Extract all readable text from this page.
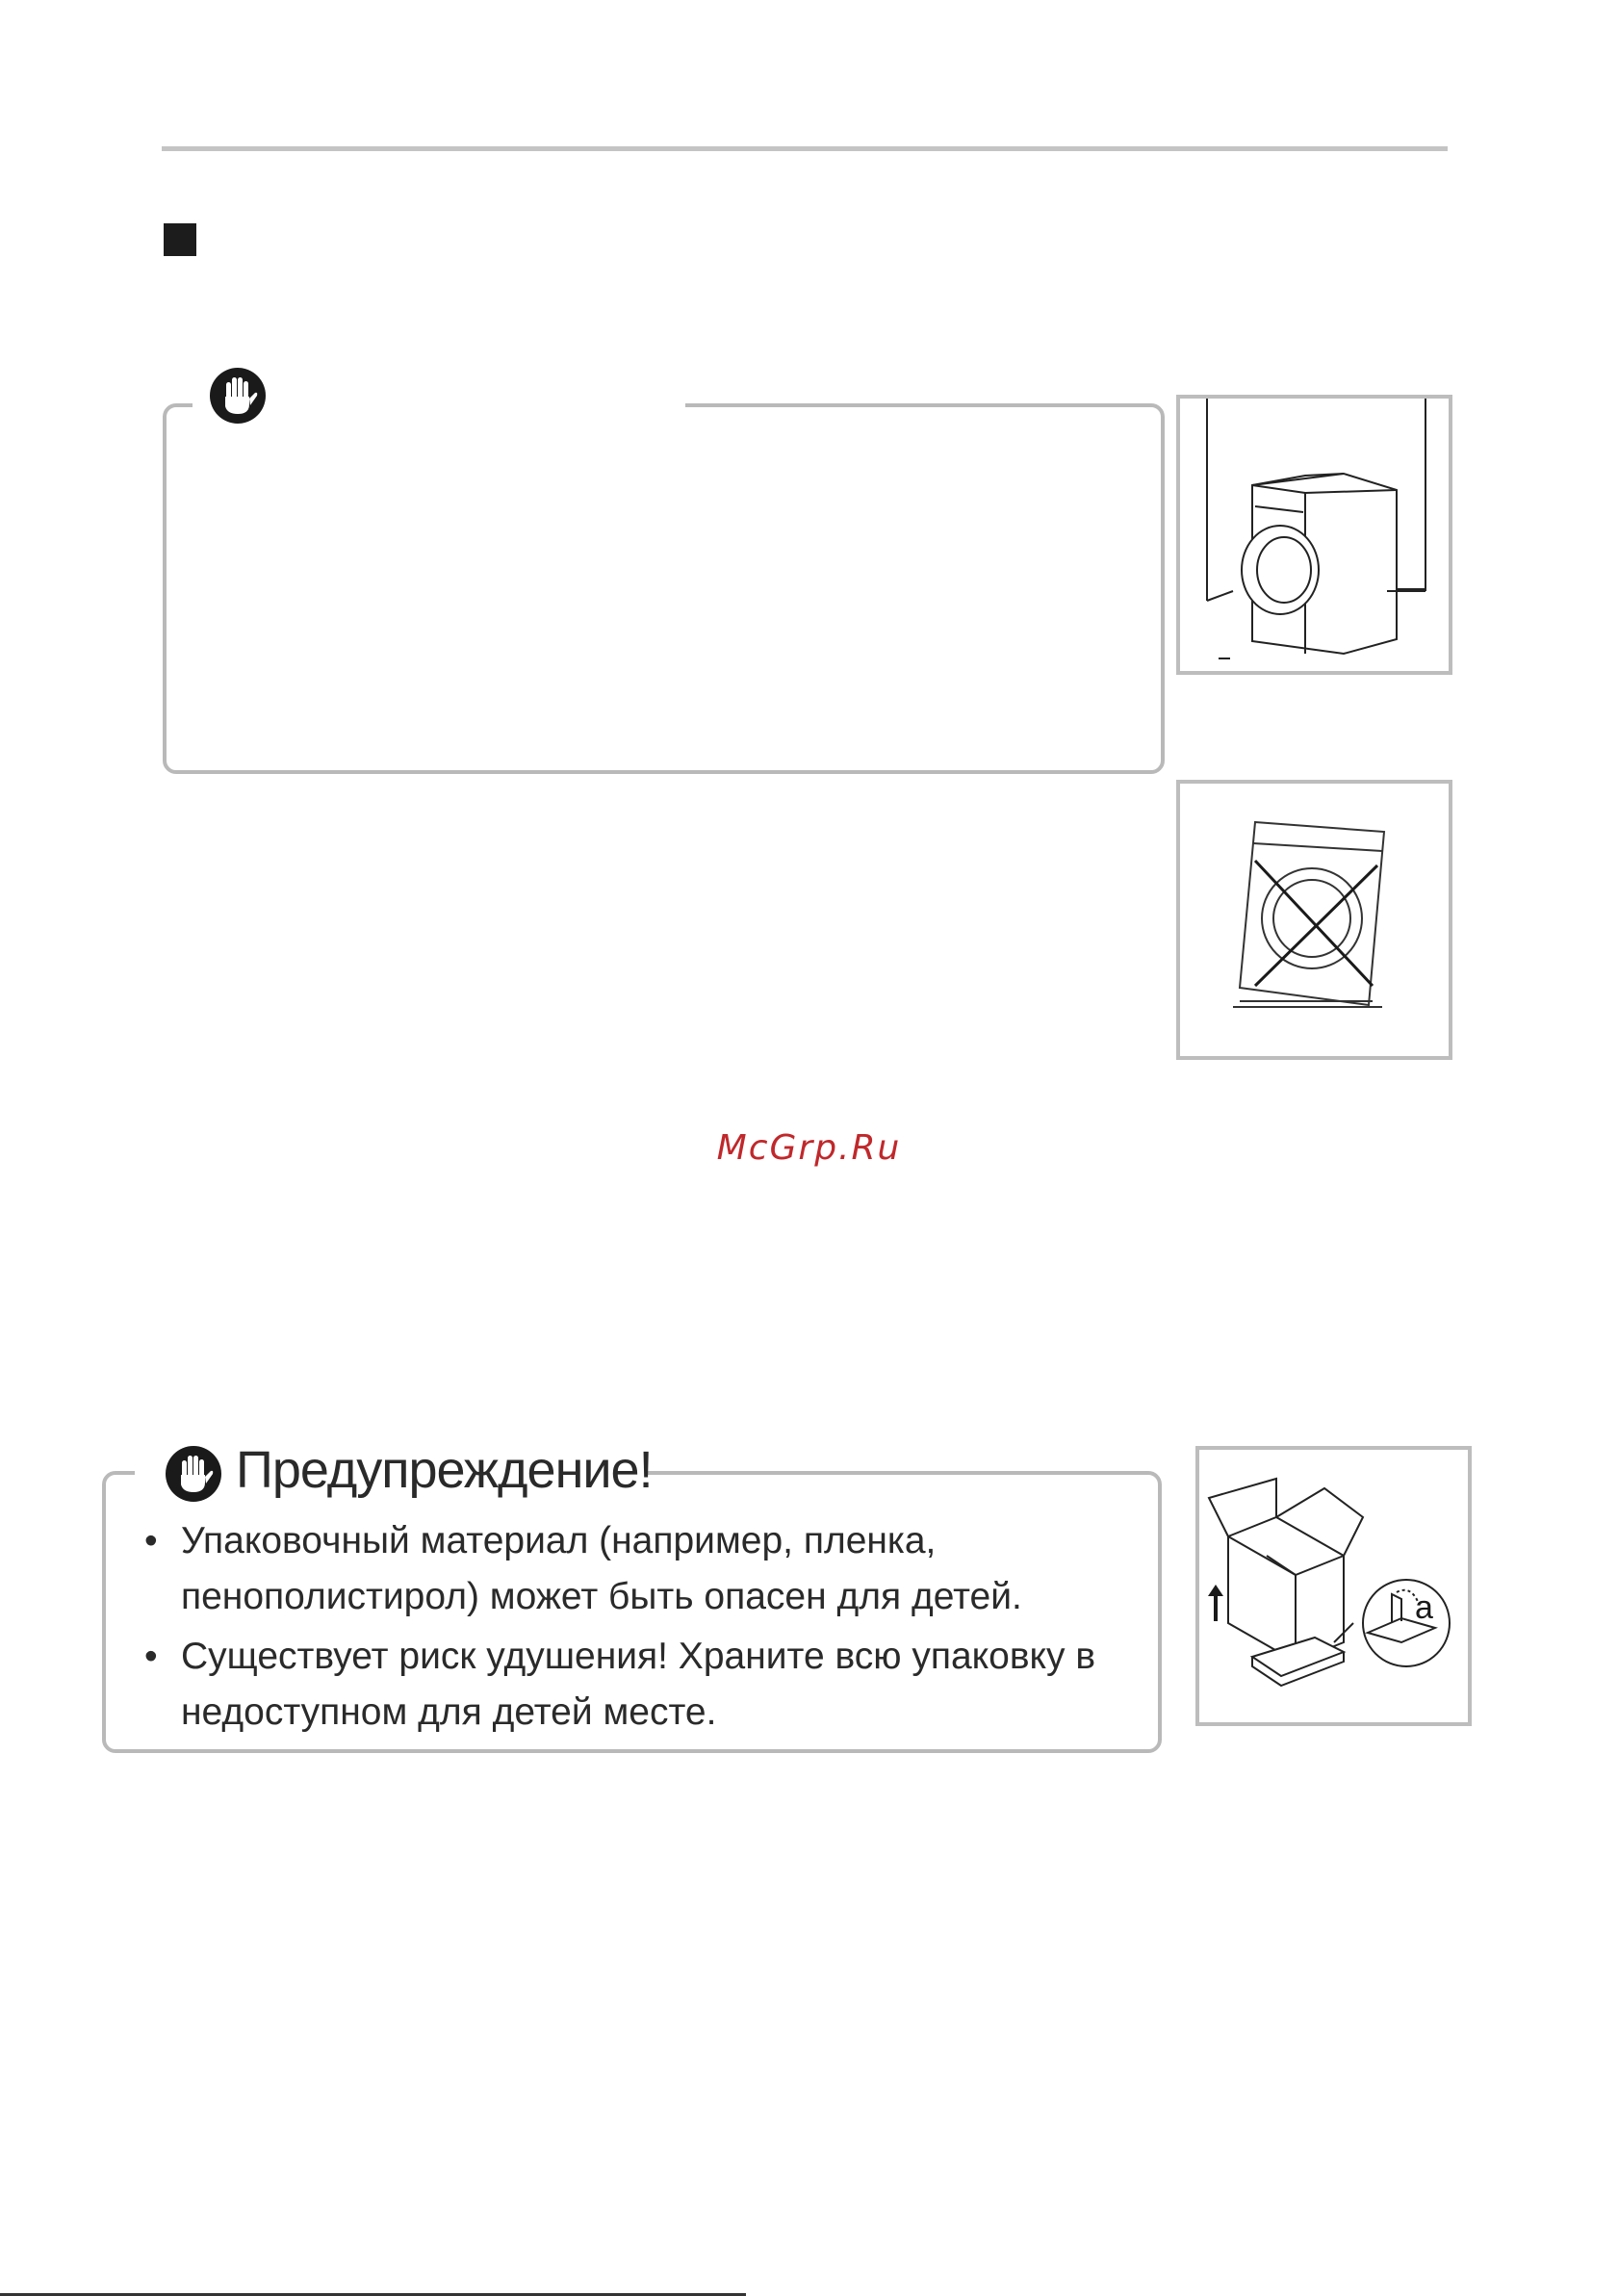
McGrp.Ru
Предупреждение!
• Упаковочный материал (например, пленка, пенополистирол) может быть опасен для детей.
• Существует риск удушения! Храните всю упаковку в недоступном для детей месте.
a
